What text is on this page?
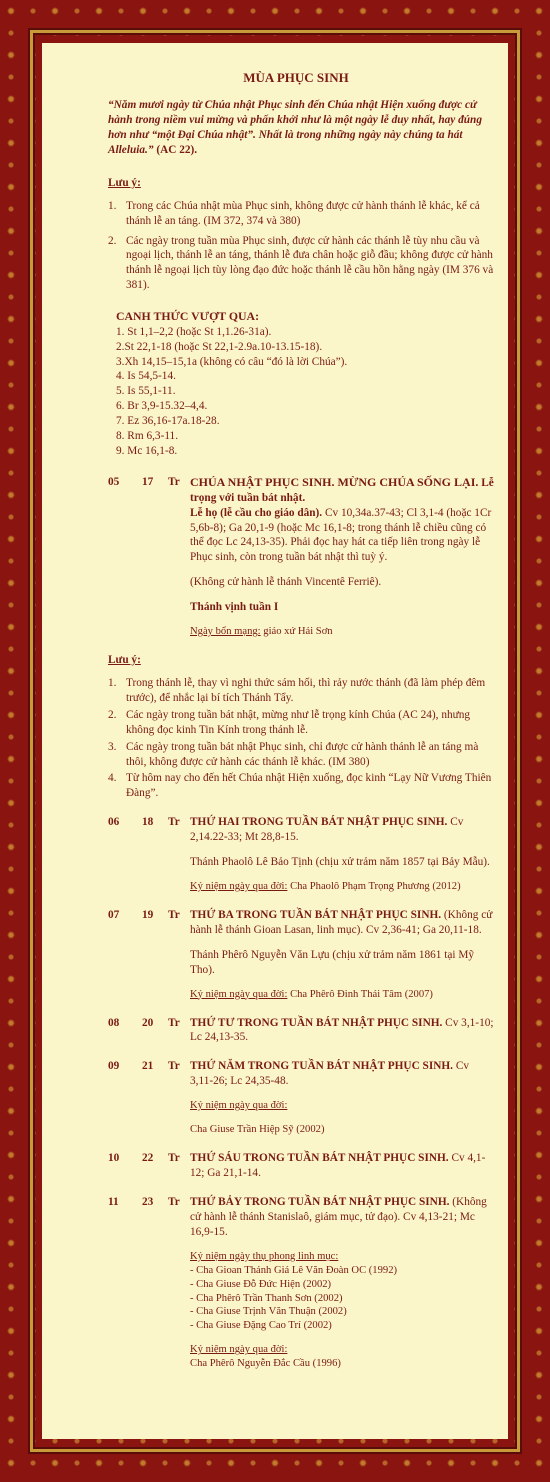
MÙA PHỤC SINH

“Năm mươi ngày từ Chúa nhật Phục sinh đến Chúa nhật Hiện xuống được cử hành trong niềm vui mừng và phấn khởi như là một ngày lễ duy nhất, hay đúng hơn như “một Đại Chúa nhật”. Nhất là trong những ngày này chúng ta hát Alleluia.” (AC 22).

Lưu ý:
1. Trong các Chúa nhật mùa Phục sinh, không được cử hành thánh lễ khác, kể cả thánh lễ an táng. (IM 372, 374 và 380)
2. Các ngày trong tuần mùa Phục sinh, được cử hành các thánh lễ tùy nhu cầu và ngoại lịch, thánh lễ an táng, thánh lễ đưa chân hoặc giỗ đầu; không được cử hành thánh lễ ngoại lịch tùy lòng đạo đức hoặc thánh lễ cầu hồn hằng ngày (IM 376 và 381).
CANH THỨC VƯỢT QUA:
1. St 1,1–2,2 (hoặc St 1,1.26-31a).
2.St 22,1-18 (hoặc St 22,1-2.9a.10-13.15-18).
3.Xh 14,15–15,1a (không có câu “đó là lời Chúa”).
4. Is 54,5-14.
5. Is 55,1-11.
6. Br 3,9-15.32–4,4.
7. Ez 36,16-17a.18-28.
8. Rm 6,3-11.
9. Mc 16,1-8.
05 17 Tr CHÚA NHẬT PHỤC SINH. MỪNG CHÚA SỐNG LẠI. Lễ trọng với tuần bát nhật.

Lễ họ (lễ cầu cho giáo dân). Cv 10,34a.37-43; Cl 3,1-4 (hoặc 1Cr 5,6b-8); Ga 20,1-9 (hoặc Mc 16,1-8; trong thánh lễ chiều cũng có thể đọc Lc 24,13-35). Phải đọc hay hát ca tiếp liên trong ngày lễ Phục sinh, còn trong tuần bát nhật thì tuỳ ý.

(Không cử hành lễ thánh Vincentê Ferriê).

Thánh vịnh tuần I

Ngày bổn mạng: giáo xứ Hải Sơn

Lưu ý:
1. Trong thánh lễ, thay vì nghi thức sám hối, thì rảy nước thánh (đã làm phép đêm trước), để nhắc lại bí tích Thánh Tẩy.
2. Các ngày trong tuần bát nhật, mừng như lễ trọng kính Chúa (AC 24), nhưng không đọc kinh Tin Kính trong thánh lễ.
3. Các ngày trong tuần bát nhật Phục sinh, chỉ được cử hành thánh lễ an táng mà thôi, không được cử hành các thánh lễ khác. (IM 380)
4. Từ hôm nay cho đến hết Chúa nhật Hiện xuống, đọc kinh “Lạy Nữ Vương Thiên Đàng”.
06 18 Tr THỨ HAI TRONG TUẦN BÁT NHẬT PHỤC SINH. Cv 2,14.22-33; Mt 28,8-15.

Thánh Phaolô Lê Bảo Tịnh (chịu xử trảm năm 1857 tại Bảy Mẫu).

Kỷ niệm ngày qua đời: Cha Phaolô Phạm Trọng Phương (2012)

07 19 Tr THỨ BA TRONG TUẦN BÁT NHẬT PHỤC SINH. (Không cử hành lễ thánh Gioan Lasan, linh mục). Cv 2,36-41; Ga 20,11-18.

Thánh Phêrô Nguyễn Văn Lựu (chịu xử trảm năm 1861 tại Mỹ Tho).

Kỷ niệm ngày qua đời: Cha Phêrô Đinh Thái Tâm (2007)

08 20 Tr THỨ TƯ TRONG TUẦN BÁT NHẬT PHỤC SINH. Cv 3,1-10; Lc 24,13-35.

09 21 Tr THỨ NĂM TRONG TUẦN BÁT NHẬT PHỤC SINH. Cv 3,11-26; Lc 24,35-48.

Kỷ niệm ngày qua đời:

Cha Giuse Trần Hiệp Sỹ (2002)

10 22 Tr THỨ SÁU TRONG TUẦN BÁT NHẬT PHỤC SINH. Cv 4,1-12; Ga 21,1-14.

11 23 Tr THỨ BẢY TRONG TUẦN BÁT NHẬT PHỤC SINH. (Không cử hành lễ thánh Stanislaô, giám mục, tử đạo). Cv 4,13-21; Mc 16,9-15.

Kỷ niệm ngày thụ phong linh mục:

- Cha Gioan Thánh Giá Lê Văn Đoàn OC (1992)
- Cha Giuse Đỗ Đức Hiện (2002)
- Cha Phêrô Trần Thanh Sơn (2002)
- Cha Giuse Trịnh Văn Thuận (2002)
- Cha Giuse Đặng Cao Trí (2002)

Kỷ niệm ngày qua đời:

Cha Phêrô Nguyễn Đắc Cầu (1996)
